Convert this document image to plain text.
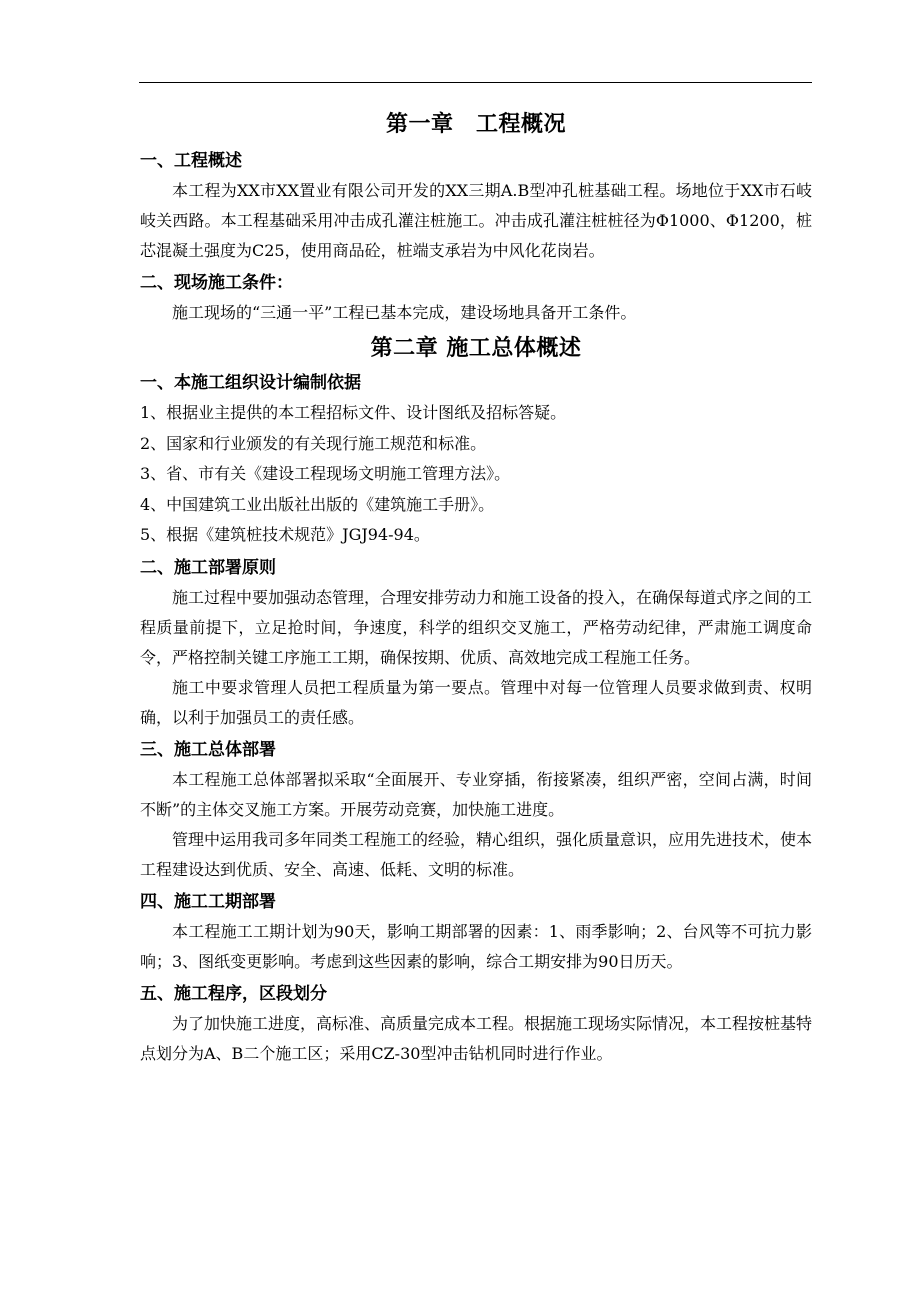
第一章　工程概况
一、工程概述

本工程为XX市XX置业有限公司开发的XX三期A.B型冲孔桩基础工程。场地位于XX市石岐岐关西路。本工程基础采用冲击成孔灌注桩施工。冲击成孔灌注桩桩径为Φ1000、Φ1200，桩芯混凝土强度为C25，使用商品砼，桩端支承岩为中风化花岗岩。

二、现场施工条件：

施工现场的“三通一平”工程已基本完成，建设场地具备开工条件。

第二章 施工总体概述
一、本施工组织设计编制依据

1、根据业主提供的本工程招标文件、设计图纸及招标答疑。

2、国家和行业颁发的有关现行施工规范和标准。

3、省、市有关《建设工程现场文明施工管理方法》。

4、中国建筑工业出版社出版的《建筑施工手册》。

5、根据《建筑桩技术规范》JGJ94-94。

二、施工部署原则

施工过程中要加强动态管理，合理安排劳动力和施工设备的投入，在确保每道式序之间的工程质量前提下，立足抢时间，争速度，科学的组织交叉施工，严格劳动纪律，严肃施工调度命令，严格控制关键工序施工工期，确保按期、优质、高效地完成工程施工任务。

施工中要求管理人员把工程质量为第一要点。管理中对每一位管理人员要求做到责、权明确，以利于加强员工的责任感。

三、施工总体部署

本工程施工总体部署拟采取“全面展开、专业穿插，衔接紧凑，组织严密，空间占满，时间不断”的主体交叉施工方案。开展劳动竞赛，加快施工进度。

管理中运用我司多年同类工程施工的经验，精心组织，强化质量意识，应用先进技术，使本工程建设达到优质、安全、高速、低耗、文明的标准。

四、施工工期部署

本工程施工工期计划为90天，影响工期部署的因素：1、雨季影响；2、台风等不可抗力影响；3、图纸变更影响。考虑到这些因素的影响，综合工期安排为90日历天。

五、施工程序，区段划分

为了加快施工进度，高标准、高质量完成本工程。根据施工现场实际情况，本工程按桩基特点划分为A、B二个施工区；采用CZ-30型冲击钻机同时进行作业。
